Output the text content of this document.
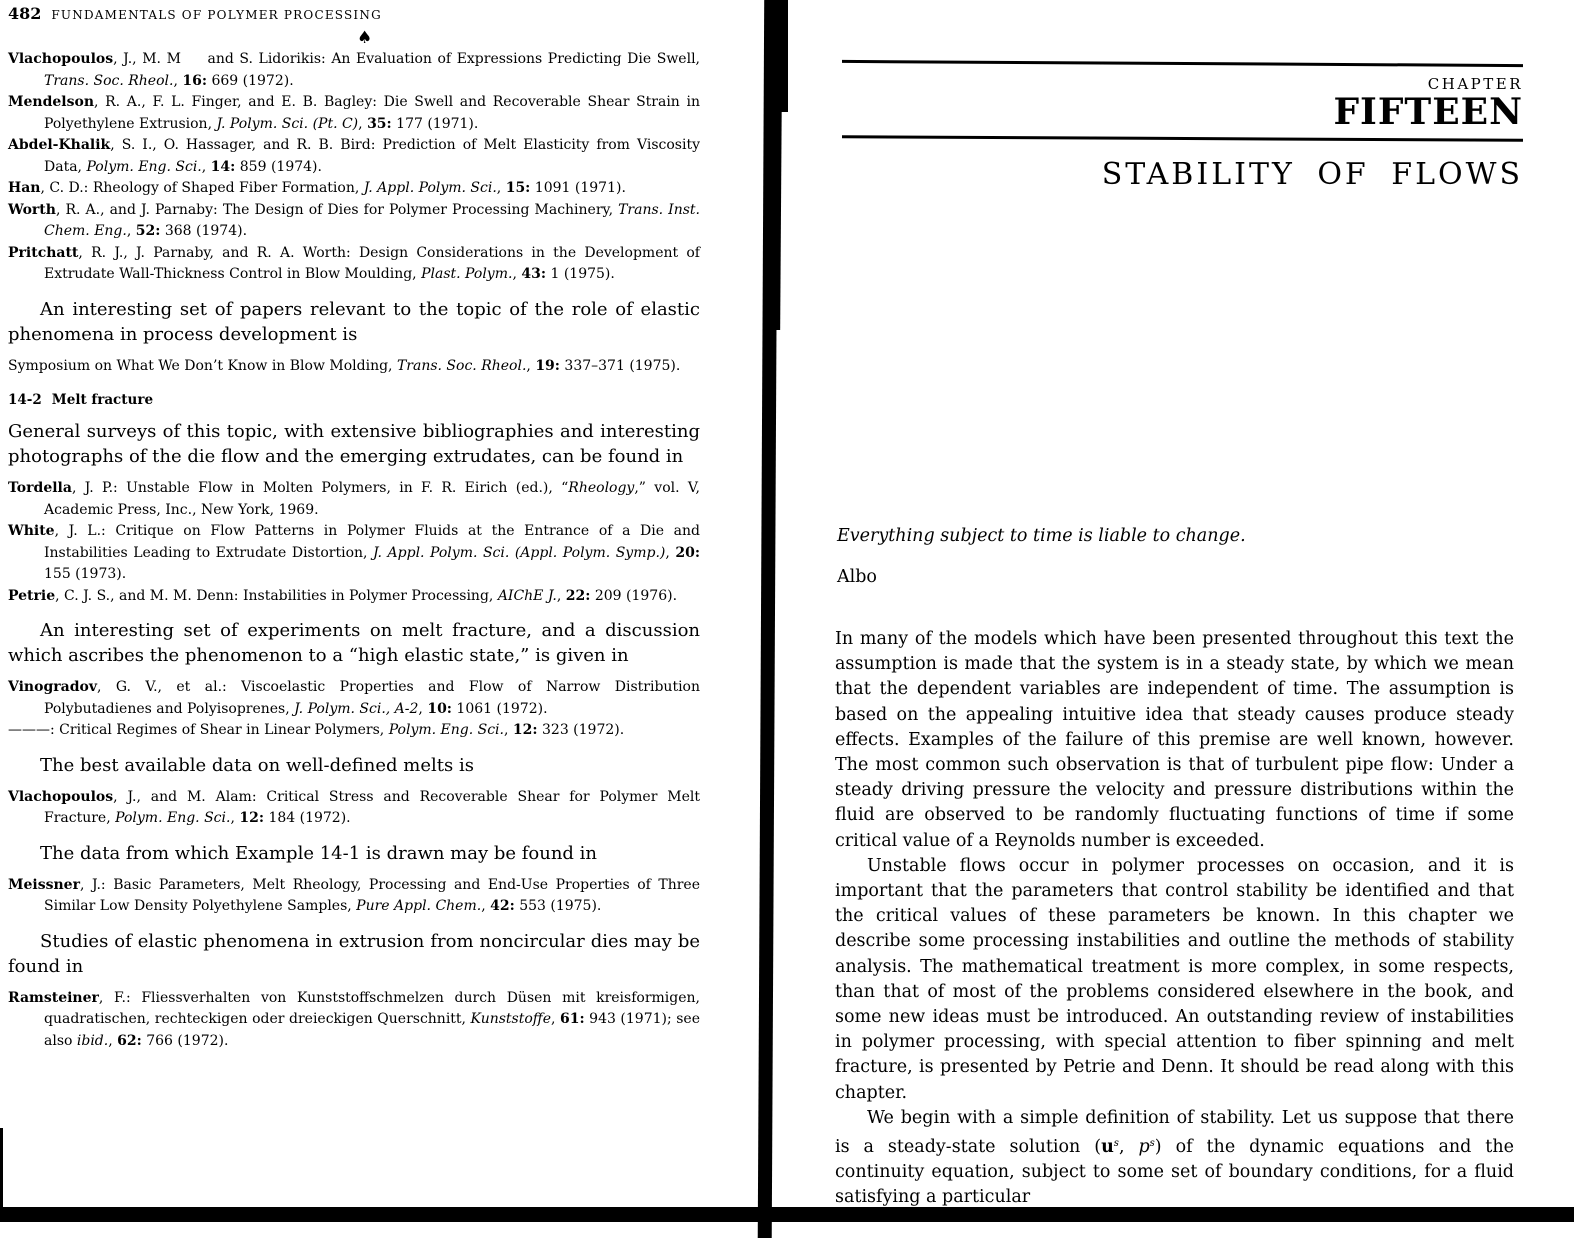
482 FUNDAMENTALS OF POLYMER PROCESSING
♠

Vlachopoulos, J., M. M   and S. Lidorikis: An Evaluation of Expressions Predicting Die Swell, Trans. Soc. Rheol., 16: 669 (1972).

Mendelson, R. A., F. L. Finger, and E. B. Bagley: Die Swell and Recoverable Shear Strain in Polyethylene Extrusion, J. Polym. Sci. (Pt. C), 35: 177 (1971).

Abdel-Khalik, S. I., O. Hassager, and R. B. Bird: Prediction of Melt Elasticity from Viscosity Data, Polym. Eng. Sci., 14: 859 (1974).

Han, C. D.: Rheology of Shaped Fiber Formation, J. Appl. Polym. Sci., 15: 1091 (1971).

Worth, R. A., and J. Parnaby: The Design of Dies for Polymer Processing Machinery, Trans. Inst. Chem. Eng., 52: 368 (1974).

Pritchatt, R. J., J. Parnaby, and R. A. Worth: Design Considerations in the Development of Extrudate Wall-Thickness Control in Blow Moulding, Plast. Polym., 43: 1 (1975).

An interesting set of papers relevant to the topic of the role of elastic phenomena in process development is

Symposium on What We Don’t Know in Blow Molding, Trans. Soc. Rheol., 19: 337–371 (1975).

14-2 Melt fracture

General surveys of this topic, with extensive bibliographies and interesting photographs of the die flow and the emerging extrudates, can be found in

Tordella, J. P.: Unstable Flow in Molten Polymers, in F. R. Eirich (ed.), “Rheology,” vol. V, Academic Press, Inc., New York, 1969.

White, J. L.: Critique on Flow Patterns in Polymer Fluids at the Entrance of a Die and Instabilities Leading to Extrudate Distortion, J. Appl. Polym. Sci. (Appl. Polym. Symp.), 20: 155 (1973).

Petrie, C. J. S., and M. M. Denn: Instabilities in Polymer Processing, AIChE J., 22: 209 (1976).

An interesting set of experiments on melt fracture, and a discussion which ascribes the phenomenon to a “high elastic state,” is given in

Vinogradov, G. V., et al.: Viscoelastic Properties and Flow of Narrow Distribution Polybutadienes and Polyisoprenes, J. Polym. Sci., A-2, 10: 1061 (1972).

———: Critical Regimes of Shear in Linear Polymers, Polym. Eng. Sci., 12: 323 (1972).

The best available data on well-defined melts is

Vlachopoulos, J., and M. Alam: Critical Stress and Recoverable Shear for Polymer Melt Fracture, Polym. Eng. Sci., 12: 184 (1972).

The data from which Example 14-1 is drawn may be found in

Meissner, J.: Basic Parameters, Melt Rheology, Processing and End-Use Properties of Three Similar Low Density Polyethylene Samples, Pure Appl. Chem., 42: 553 (1975).

Studies of elastic phenomena in extrusion from noncircular dies may be found in

Ramsteiner, F.: Fliessverhalten von Kunststoffschmelzen durch Düsen mit kreisformigen, quadratischen, rechteckigen oder dreieckigen Querschnitt, Kunststoffe, 61: 943 (1971); see also ibid., 62: 766 (1972).

CHAPTER
FIFTEEN
STABILITY OF FLOWS

Everything subject to time is liable to change.

Albo

In many of the models which have been presented throughout this text the assumption is made that the system is in a steady state, by which we mean that the dependent variables are independent of time. The assumption is based on the appealing intuitive idea that steady causes produce steady effects. Examples of the failure of this premise are well known, however. The most common such observation is that of turbulent pipe flow: Under a steady driving pressure the velocity and pressure distributions within the fluid are observed to be randomly fluctuating functions of time if some critical value of a Reynolds number is exceeded.

Unstable flows occur in polymer processes on occasion, and it is important that the parameters that control stability be identified and that the critical values of these parameters be known. In this chapter we describe some processing instabilities and outline the methods of stability analysis. The mathematical treatment is more complex, in some respects, than that of most of the problems considered elsewhere in the book, and some new ideas must be introduced. An outstanding review of instabilities in polymer processing, with special attention to fiber spinning and melt fracture, is presented by Petrie and Denn. It should be read along with this chapter.

We begin with a simple definition of stability. Let us suppose that there is a steady-state solution ($u^s$, $p^s$) of the dynamic equations and the continuity equation, subject to some set of boundary conditions, for a fluid satisfying a particular
